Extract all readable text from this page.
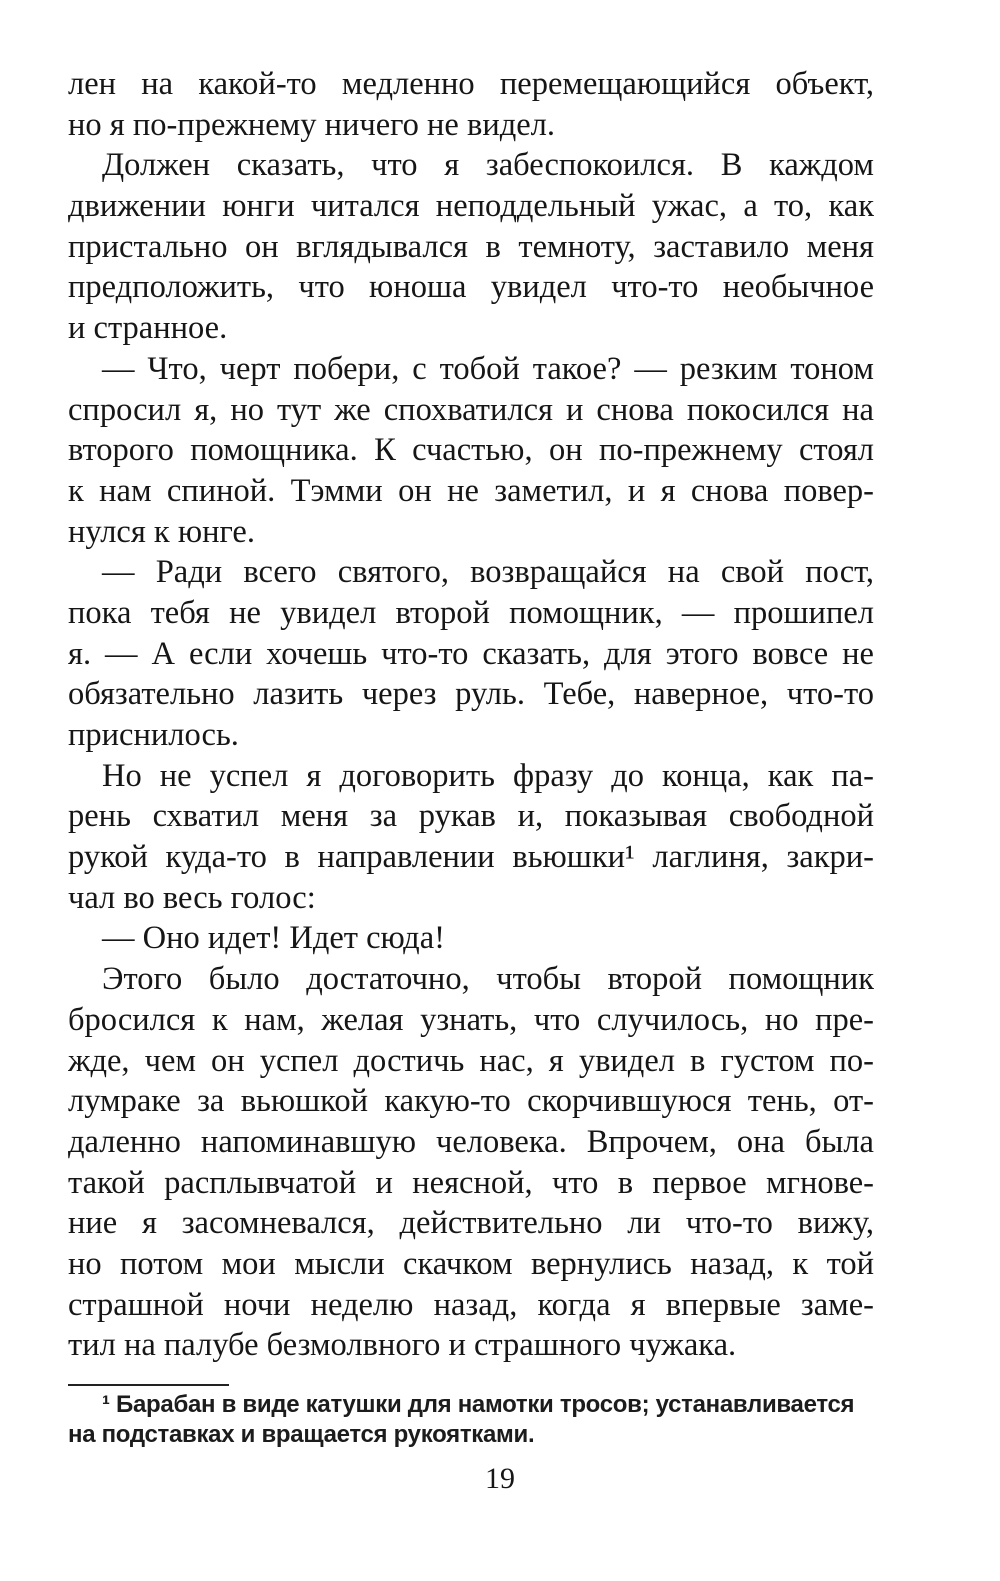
лен на какой-то медленно перемещающийся объект,
но я по-прежнему ничего не видел.
Должен сказать, что я забеспокоился. В каждом
движении юнги читался неподдельный ужас, а то, как
пристально он вглядывался в темноту, заставило меня
предположить, что юноша увидел что-то необычное
и странное.
— Что, черт побери, с тобой такое? — резким тоном
спросил я, но тут же спохватился и снова покосился на
второго помощника. К счастью, он по-прежнему стоял
к нам спиной. Тэмми он не заметил, и я снова повер-
нулся к юнге.
— Ради всего святого, возвращайся на свой пост,
пока тебя не увидел второй помощник, — прошипел
я. — А если хочешь что-то сказать, для этого вовсе не
обязательно лазить через руль. Тебе, наверное, что-то
приснилось.
Но не успел я договорить фразу до конца, как па-
рень схватил меня за рукав и, показывая свободной
рукой куда-то в направлении вьюшки¹ лаглиня, закри-
чал во весь голос:
— Оно идет! Идет сюда!
Этого было достаточно, чтобы второй помощник
бросился к нам, желая узнать, что случилось, но пре-
жде, чем он успел достичь нас, я увидел в густом по-
лумраке за вьюшкой какую-то скорчившуюся тень, от-
даленно напоминавшую человека. Впрочем, она была
такой расплывчатой и неясной, что в первое мгнове-
ние я засомневался, действительно ли что-то вижу,
но потом мои мысли скачком вернулись назад, к той
страшной ночи неделю назад, когда я впервые заме-
тил на палубе безмолвного и страшного чужака.
¹ Барабан в виде катушки для намотки тросов; устанавливается
на подставках и вращается рукоятками.
19
